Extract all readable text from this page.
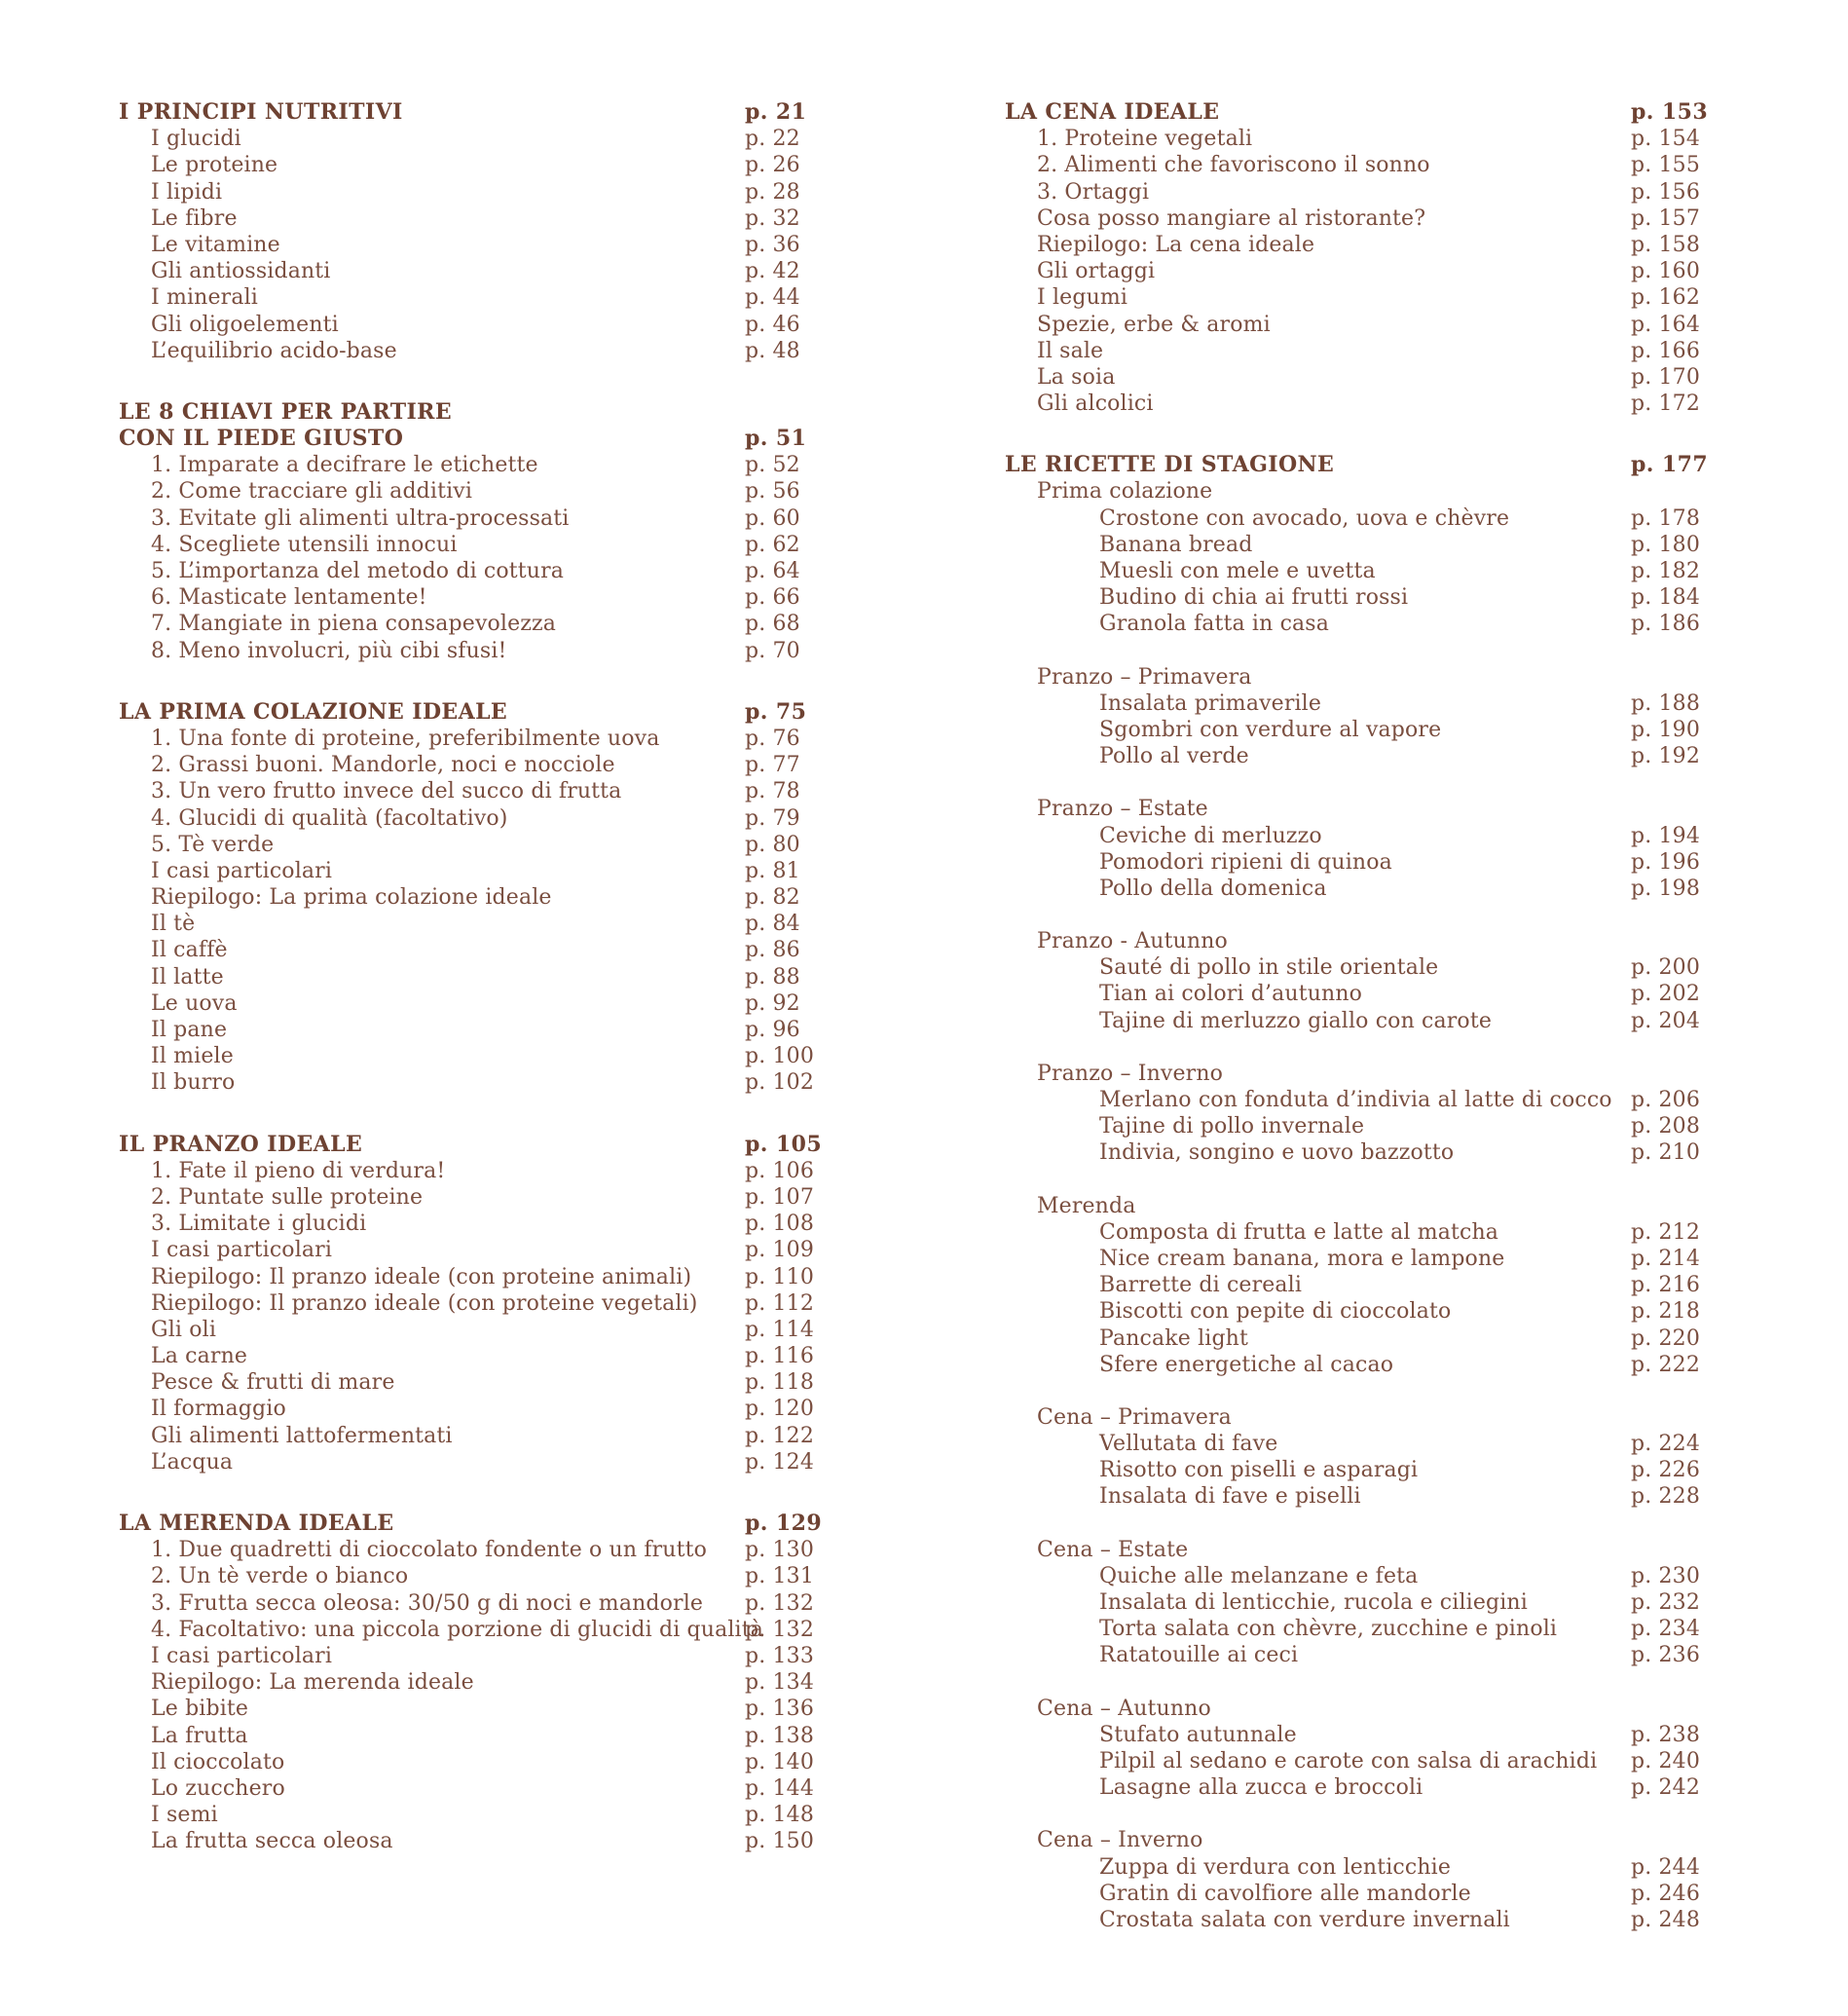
I PRINCIPI NUTRITIVI	p. 21
I glucidi	p. 22
Le proteine	p. 26
I lipidi	p. 28
Le fibre	p. 32
Le vitamine	p. 36
Gli antiossidanti	p. 42
I minerali	p. 44
Gli oligoelementi	p. 46
L’equilibrio acido-base	p. 48
LE 8 CHIAVI PER PARTIRE
CON IL PIEDE GIUSTO	p. 51
1. Imparate a decifrare le etichette	p. 52
2. Come tracciare gli additivi	p. 56
3. Evitate gli alimenti ultra-processati	p. 60
4. Scegliete utensili innocui	p. 62
5. L’importanza del metodo di cottura	p. 64
6. Masticate lentamente!	p. 66
7. Mangiate in piena consapevolezza	p. 68
8. Meno involucri, più cibi sfusi!	p. 70
LA PRIMA COLAZIONE IDEALE	p. 75
1. Una fonte di proteine, preferibilmente uova	p. 76
2. Grassi buoni. Mandorle, noci e nocciole	p. 77
3. Un vero frutto invece del succo di frutta	p. 78
4. Glucidi di qualità (facoltativo)	p. 79
5. Tè verde	p. 80
I casi particolari	p. 81
Riepilogo: La prima colazione ideale	p. 82
Il tè	p. 84
Il caffè	p. 86
Il latte	p. 88
Le uova	p. 92
Il pane	p. 96
Il miele	p. 100
Il burro	p. 102
IL PRANZO IDEALE	p. 105
1. Fate il pieno di verdura!	p. 106
2. Puntate sulle proteine	p. 107
3. Limitate i glucidi	p. 108
I casi particolari	p. 109
Riepilogo: Il pranzo ideale (con proteine animali) p. 110
Riepilogo: Il pranzo ideale (con proteine vegetali) p. 112
Gli oli	p. 114
La carne	p. 116
Pesce & frutti di mare	p. 118
Il formaggio	p. 120
Gli alimenti lattofermentati	p. 122
L’acqua	p. 124
LA MERENDA IDEALE	p. 129
1. Due quadretti di cioccolato fondente o un frutto p. 130
2. Un tè verde o bianco	p. 131
3. Frutta secca oleosa: 30/50 g di noci e mandorle p. 132
4. Facoltativo: una piccola porzione di glucidi di qualità
p. 132
I casi particolari	p. 133
Riepilogo: La merenda ideale	p. 134
Le bibite	p. 136
La frutta	p. 138
Il cioccolato	p. 140
Lo zucchero	p. 144
I semi	p. 148
La frutta secca oleosa	p. 150
LA CENA IDEALE	p. 153
1. Proteine vegetali	p. 154
2. Alimenti che favoriscono il sonno	p. 155
3. Ortaggi	p. 156
Cosa posso mangiare al ristorante?	p. 157
Riepilogo: La cena ideale	p. 158
Gli ortaggi	p. 160
I legumi	p. 162
Spezie, erbe & aromi	p. 164
Il sale	p. 166
La soia	p. 170
Gli alcolici	p. 172
LE RICETTE DI STAGIONE	p. 177
Prima colazione
Crostone con avocado, uova e chèvre	p. 178
Banana bread	p. 180
Muesli con mele e uvetta	p. 182
Budino di chia ai frutti rossi	p. 184
Granola fatta in casa	p. 186
Pranzo – Primavera
Insalata primaverile	p. 188
Sgombri con verdure al vapore	p. 190
Pollo al verde	p. 192
Pranzo – Estate
Ceviche di merluzzo	p. 194
Pomodori ripieni di quinoa	p. 196
Pollo della domenica	p. 198
Pranzo - Autunno
Sauté di pollo in stile orientale	p. 200
Tian ai colori d’autunno	p. 202
Tajine di merluzzo giallo con carote	p. 204
Pranzo – Inverno
Merlano con fonduta d’indivia al latte di cocco p. 206
Tajine di pollo invernale	p. 208
Indivia, songino e uovo bazzotto	p. 210
Merenda
Composta di frutta e latte al matcha	p. 212
Nice cream banana, mora e lampone	p. 214
Barrette di cereali	p. 216
Biscotti con pepite di cioccolato	p. 218
Pancake light	p. 220
Sfere energetiche al cacao	p. 222
Cena – Primavera
Vellutata di fave	p. 224
Risotto con piselli e asparagi	p. 226
Insalata di fave e piselli	p. 228
Cena – Estate
Quiche alle melanzane e feta	p. 230
Insalata di lenticchie, rucola e ciliegini	p. 232
Torta salata con chèvre, zucchine e pinoli	p. 234
Ratatouille ai ceci	p. 236
Cena – Autunno
Stufato autunnale	p. 238
Pilpil al sedano e carote con salsa di arachidi p. 240
Lasagne alla zucca e broccoli	p. 242
Cena – Inverno
Zuppa di verdura con lenticchie	p. 244
Gratin di cavolfiore alle mandorle	p. 246
Crostata salata con verdure invernali	p. 248
